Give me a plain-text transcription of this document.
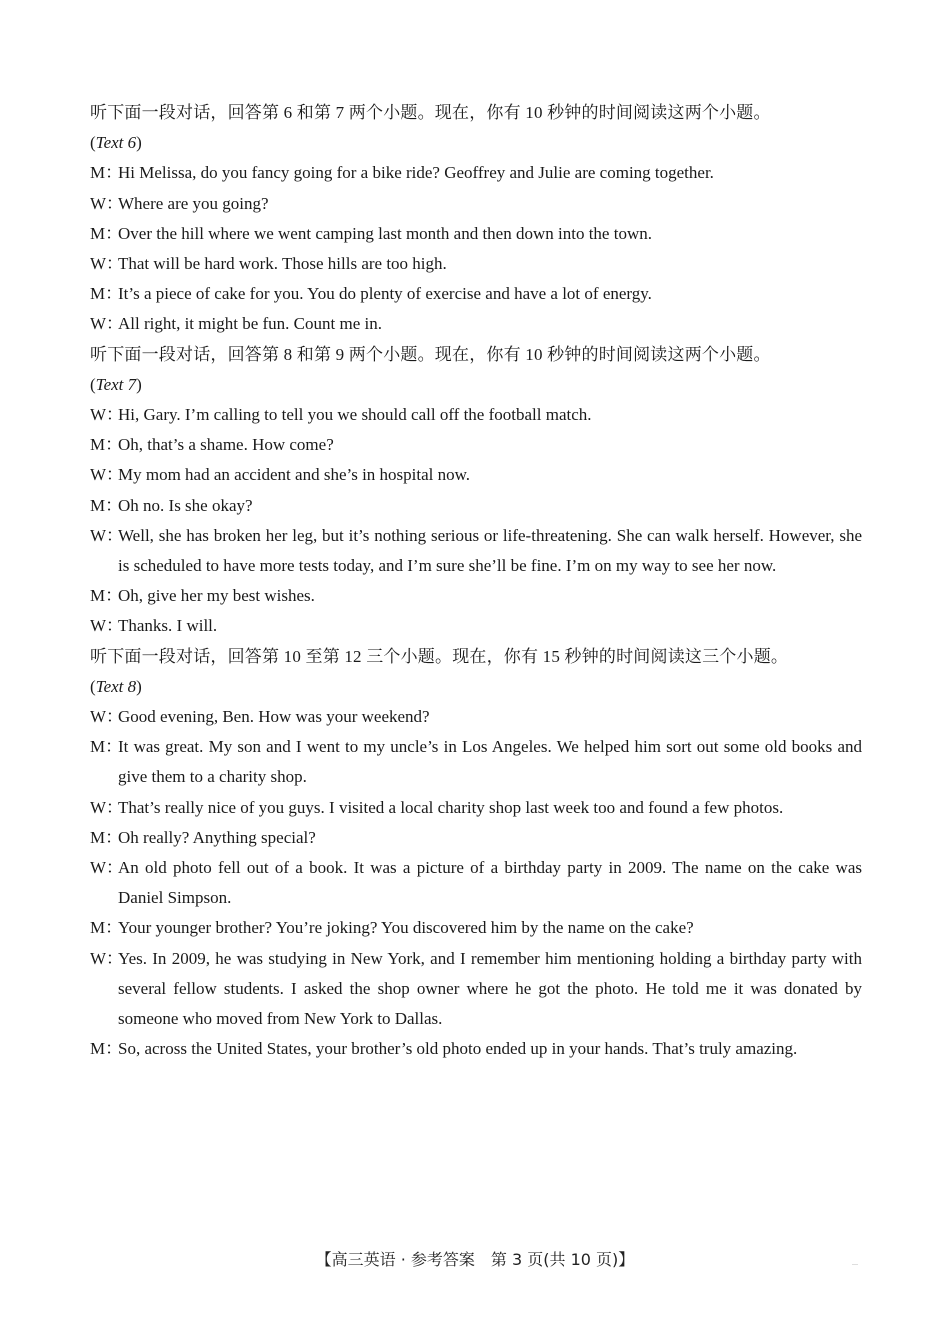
听下面一段对话，回答第 6 和第 7 两个小题。现在，你有 10 秒钟的时间阅读这两个小题。
(Text 6)
M：
Hi Melissa, do you fancy going for a bike ride? Geoffrey and Julie are coming together.
W：
Where are you going?
M：
Over the hill where we went camping last month and then down into the town.
W：
That will be hard work. Those hills are too high.
M：
It’s a piece of cake for you. You do plenty of exercise and have a lot of energy.
W：
All right, it might be fun. Count me in.
听下面一段对话，回答第 8 和第 9 两个小题。现在，你有 10 秒钟的时间阅读这两个小题。
(Text 7)
W：
Hi, Gary. I’m calling to tell you we should call off the football match.
M：
Oh, that’s a shame. How come?
W：
My mom had an accident and she’s in hospital now.
M：
Oh no. Is she okay?
W：
Well, she has broken her leg, but it’s nothing serious or life-threatening. She can walk herself. However, she is scheduled to have more tests today, and I’m sure she’ll be fine. I’m on my way to see her now.
M：
Oh, give her my best wishes.
W：
Thanks. I will.
听下面一段对话，回答第 10 至第 12 三个小题。现在，你有 15 秒钟的时间阅读这三个小题。
(Text 8)
W：
Good evening, Ben. How was your weekend?
M：
It was great. My son and I went to my uncle’s in Los Angeles. We helped him sort out some old books and give them to a charity shop.
W：
That’s really nice of you guys. I visited a local charity shop last week too and found a few photos.
M：
Oh really? Anything special?
W：
An old photo fell out of a book. It was a picture of a birthday party in 2009. The name on the cake was Daniel Simpson.
M：
Your younger brother? You’re joking? You discovered him by the name on the cake?
W：
Yes. In 2009, he was studying in New York, and I remember him mentioning holding a birthday party with several fellow students. I asked the shop owner where he got the photo. He told me it was donated by someone who moved from New York to Dallas.
M：
So, across the United States, your brother’s old photo ended up in your hands. That’s truly amazing.
【高三英语 · 参考答案　第 3 页(共 10 页)】	...
